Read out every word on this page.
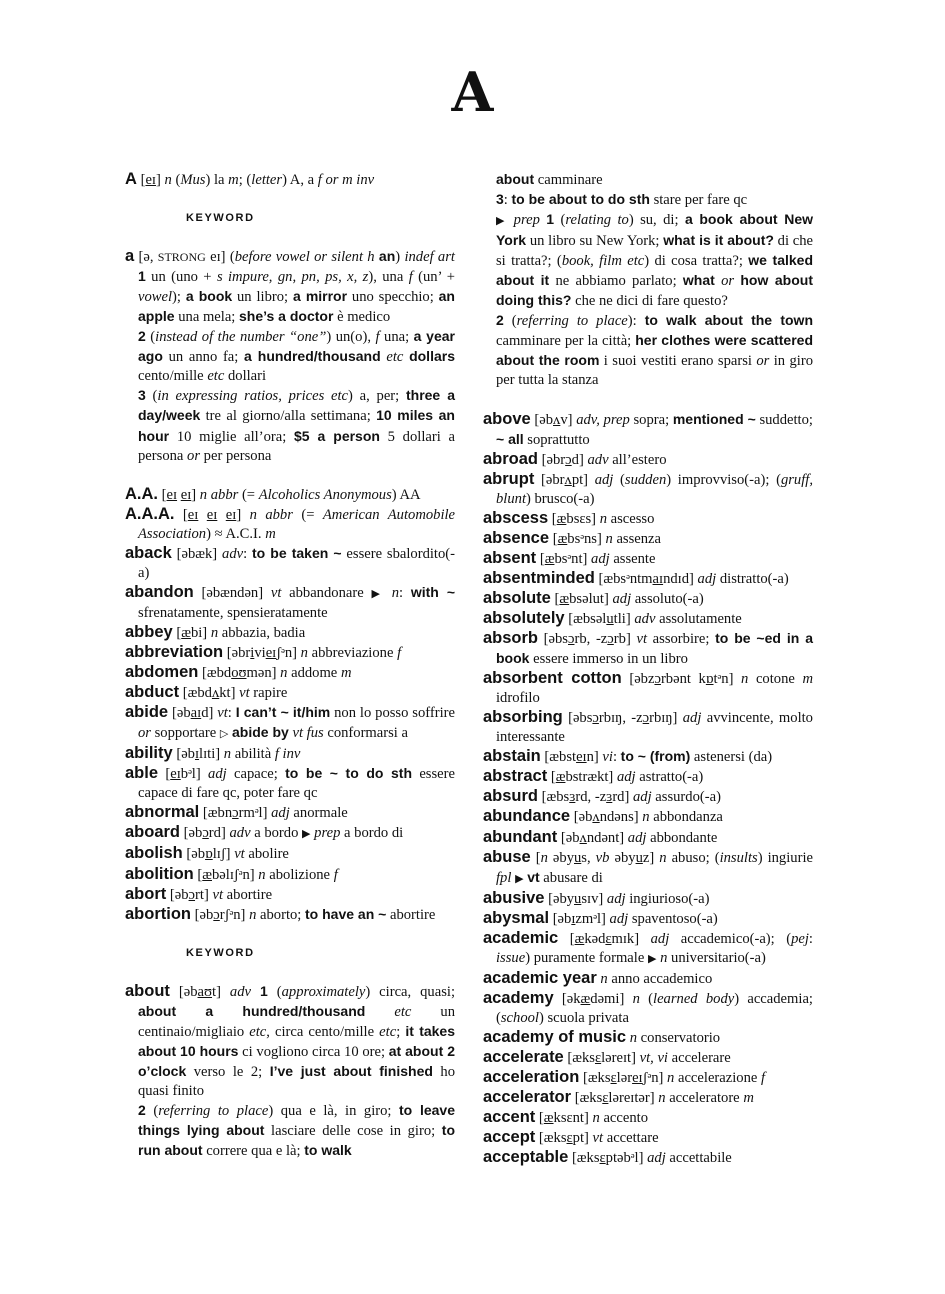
A
A [eɪ] n (Mus) la m; (letter) A, a f or m inv
KEYWORD
a [ə, STRONG eɪ] (before vowel or silent h an) indef art 1 un (uno + s impure, gn, pn, ps, x, z), una f (un’ + vowel); a book un libro; a mirror uno specchio; an apple una mela; she’s a doctor è medico
2 (instead of the number “one”) un(o), f una; a year ago un anno fa; a hundred/thousand etc dollars cento/mille etc dollari
3 (in expressing ratios, prices etc) a, per; three a day/week tre al giorno/alla settimana; 10 miles an hour 10 miglie all’ora; $5 a person 5 dollari a persona or per persona
A.A. [eɪ eɪ] n abbr (= Alcoholics Anonymous) AA
A.A.A. [eɪ eɪ eɪ] n abbr (= American Automobile Association) ≈ A.C.I. m
aback [əbæk] adv: to be taken ~ essere sbalordito(-a)
abandon [əbændən] vt abbandonare ▶ n: with ~ sfrenatamente, spensieratamente
abbey [æbi] n abbazia, badia
abbreviation [əbrivieɪʃᵊn] n abbreviazione f
abdomen [æbdoʊmən] n addome m
abduct [æbdʌkt] vt rapire
abide [əbaɪd] vt: I can’t ~ it/him non lo posso soffrire or sopportare ▷ abide by vt fus conformarsi a
ability [əbɪlɪti] n abilità f inv
able [eɪbᵊl] adj capace; to be ~ to do sth essere capace di fare qc, poter fare qc
abnormal [æbnɔrmᵊl] adj anormale
aboard [əbɔrd] adv a bordo ▶ prep a bordo di
abolish [əbɒlɪʃ] vt abolire
abolition [æbəlɪʃᵊn] n abolizione f
abort [əbɔrt] vt abortire
abortion [əbɔrʃᵊn] n aborto; to have an ~ abortire
KEYWORD
about [əbaʊt] adv 1 (approximately) circa, quasi; about a hundred/thousand etc un centinaio/migliaio etc, circa cento/mille etc; it takes about 10 hours ci vogliono circa 10 ore; at about 2 o’clock verso le 2; I’ve just about finished ho quasi finito
2 (referring to place) qua e là, in giro; to leave things lying about lasciare delle cose in giro; to run about correre qua e là; to walk
about camminare
3: to be about to do sth stare per fare qc
▶ prep 1 (relating to) su, di; a book about New York un libro su New York; what is it about? di che si tratta?; (book, film etc) di cosa tratta?; we talked about it ne abbiamo parlato; what or how about doing this? che ne dici di fare questo?
2 (referring to place): to walk about the town camminare per la città; her clothes were scattered about the room i suoi vestiti erano sparsi or in giro per tutta la stanza
above [əbʌv] adv, prep sopra; mentioned ~ suddetto; ~ all soprattutto
abroad [əbrɔd] adv all’estero
abrupt [əbrʌpt] adj (sudden) improvviso(-a); (gruff, blunt) brusco(-a)
abscess [æbsɛs] n ascesso
absence [æbsᵊns] n assenza
absent [æbsᵊnt] adj assente
absentminded [æbsᵊntmaɪndɪd] adj distratto(-a)
absolute [æbsəlut] adj assoluto(-a)
absolutely [æbsəlutli] adv assolutamente
absorb [əbsɔrb, -zɔrb] vt assorbire; to be ~ed in a book essere immerso in un libro
absorbent cotton [əbzɔrbənt kɒtᵊn] n cotone m idrofilo
absorbing [əbsɔrbɪŋ, -zɔrbɪŋ] adj avvincente, molto interessante
abstain [æbsteɪn] vi: to ~ (from) astenersi (da)
abstract [æbstrækt] adj astratto(-a)
absurd [æbsɜrd, -zɜrd] adj assurdo(-a)
abundance [əbʌndəns] n abbondanza
abundant [əbʌndənt] adj abbondante
abuse [n əbyus, vb əbyuz] n abuso; (insults) ingiurie fpl ▶ vt abusare di
abusive [əbyusɪv] adj ingiurioso(-a)
abysmal [əbɪzmᵊl] adj spaventoso(-a)
academic [ækədɛmɪk] adj accademico(-a); (pej: issue) puramente formale ▶ n universitario(-a)
academic year n anno accademico
academy [əkædəmi] n (learned body) accademia; (school) scuola privata
academy of music n conservatorio
accelerate [æksɛləreɪt] vt, vi accelerare
acceleration [æksɛləreɪʃᵊn] n accelerazione f
accelerator [æksɛləreɪtər] n acceleratore m
accent [æksɛnt] n accento
accept [æksɛpt] vt accettare
acceptable [æksɛptəbᵊl] adj accettabile
